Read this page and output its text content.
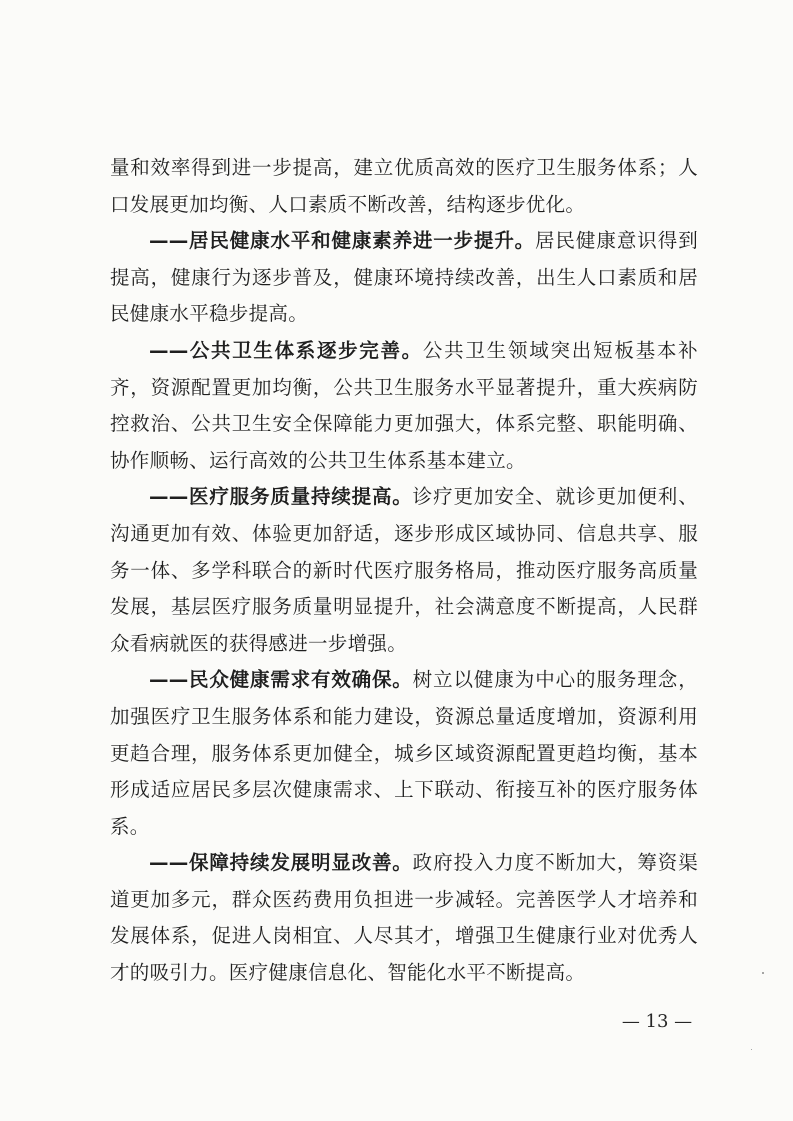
量和效率得到进一步提高，建立优质高效的医疗卫生服务体系；人口发展更加均衡、人口素质不断改善，结构逐步优化。

——居民健康水平和健康素养进一步提升。居民健康意识得到提高，健康行为逐步普及，健康环境持续改善，出生人口素质和居民健康水平稳步提高。

——公共卫生体系逐步完善。公共卫生领域突出短板基本补齐，资源配置更加均衡，公共卫生服务水平显著提升，重大疾病防控救治、公共卫生安全保障能力更加强大，体系完整、职能明确、协作顺畅、运行高效的公共卫生体系基本建立。

——医疗服务质量持续提高。诊疗更加安全、就诊更加便利、沟通更加有效、体验更加舒适，逐步形成区域协同、信息共享、服务一体、多学科联合的新时代医疗服务格局，推动医疗服务高质量发展，基层医疗服务质量明显提升，社会满意度不断提高，人民群众看病就医的获得感进一步增强。

——民众健康需求有效确保。树立以健康为中心的服务理念，加强医疗卫生服务体系和能力建设，资源总量适度增加，资源利用更趋合理，服务体系更加健全，城乡区域资源配置更趋均衡，基本形成适应居民多层次健康需求、上下联动、衔接互补的医疗服务体系。

——保障持续发展明显改善。政府投入力度不断加大，筹资渠道更加多元，群众医药费用负担进一步减轻。完善医学人才培养和发展体系，促进人岗相宜、人尽其才，增强卫生健康行业对优秀人才的吸引力。医疗健康信息化、智能化水平不断提高。

— 13 —
